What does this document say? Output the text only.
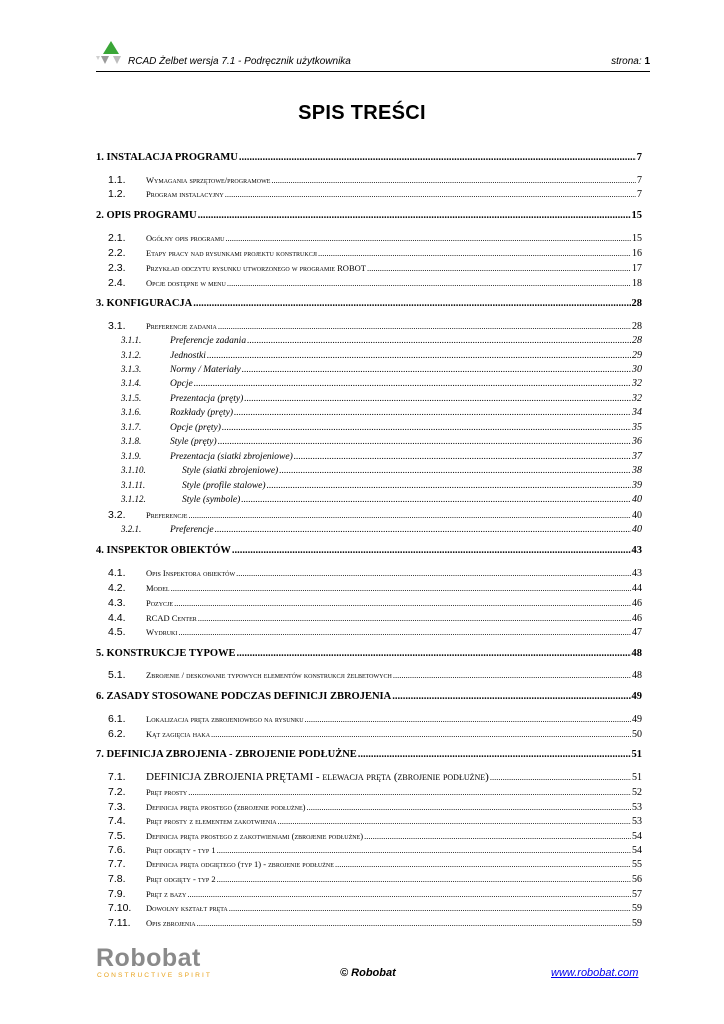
RCAD Żelbet wersja 7.1 - Podręcznik użytkownika	strona: 1
SPIS TREŚCI
1. INSTALACJA PROGRAMU .....	7
1.1. Wymagania sprzętowe/programowe .....	7
1.2. Program instalacyjny .....	7
2. OPIS PROGRAMU .....	15
2.1. Ogólny opis programu .....	15
2.2. Etapy pracy nad rysunkami projektu konstrukcji .....	16
2.3. Przykład odczytu rysunku utworzonego w programie ROBOT .....	17
2.4. Opcje dostępne w menu .....	18
3. KONFIGURACJA .....	28
3.1. Preferencje zadania .....	28
3.1.1.	Preferencje zadania .....	28
3.1.2.	Jednostki .....	29
3.1.3.	Normy / Materiały .....	30
3.1.4.	Opcje .....	32
3.1.5.	Prezentacja (pręty) .....	32
3.1.6.	Rozkłady (pręty) .....	34
3.1.7.	Opcje (pręty) .....	35
3.1.8.	Style (pręty) .....	36
3.1.9.	Prezentacja (siatki zbrojeniowe) .....	37
3.1.10.	Style (siatki zbrojeniowe) .....	38
3.1.11.	Style (profile stalowe) .....	39
3.1.12.	Style (symbole) .....	40
3.2. Preferencje .....	40
3.2.1.	Preferencje .....	40
4. INSPEKTOR OBIEKTÓW .....	43
4.1. Opis Inspektora obiektów .....	43
4.2. Model .....	44
4.3. Pozycje .....	46
4.4. RCAD Center .....	46
4.5. Wydruki .....	47
5. KONSTRUKCJE TYPOWE .....	48
5.1. Zbrojenie / deskowanie typowych elementów konstrukcji żelbetowych .....	48
6. ZASADY STOSOWANE PODCZAS DEFINICJI ZBROJENIA .....	49
6.1. Lokalizacja pręta zbrojeniowego na rysunku .....	49
6.2. Kąt zagięcia haka .....	50
7. DEFINICJA ZBROJENIA - ZBROJENIE PODŁUŻNE .....	51
7.1. DEFINICJA ZBROJENIA PRĘTAMI - elewacja pręta (zbrojenie podłużne) .....	51
7.2. Pręt prosty .....	52
7.3. Definicja pręta prostego (zbrojenie podłużne) .....	53
7.4. Pręt prosty z elementem zakotwienia .....	53
7.5. Definicja pręta prostego z zakotwieniami (zbrojenie podłużne) .....	54
7.6. Pręt odgięty - typ 1 .....	54
7.7. Definicja pręta odgiętego (typ 1) - zbrojenie podłużne .....	55
7.8. Pręt odgięty - typ 2 .....	56
7.9. Pręt z bazy .....	57
7.10. Dowolny kształt pręta .....	59
7.11. Opis zbrojenia .....	59
Robobat
CONSTRUCTIVE SPIRIT	© Robobat	www.robobat.com
